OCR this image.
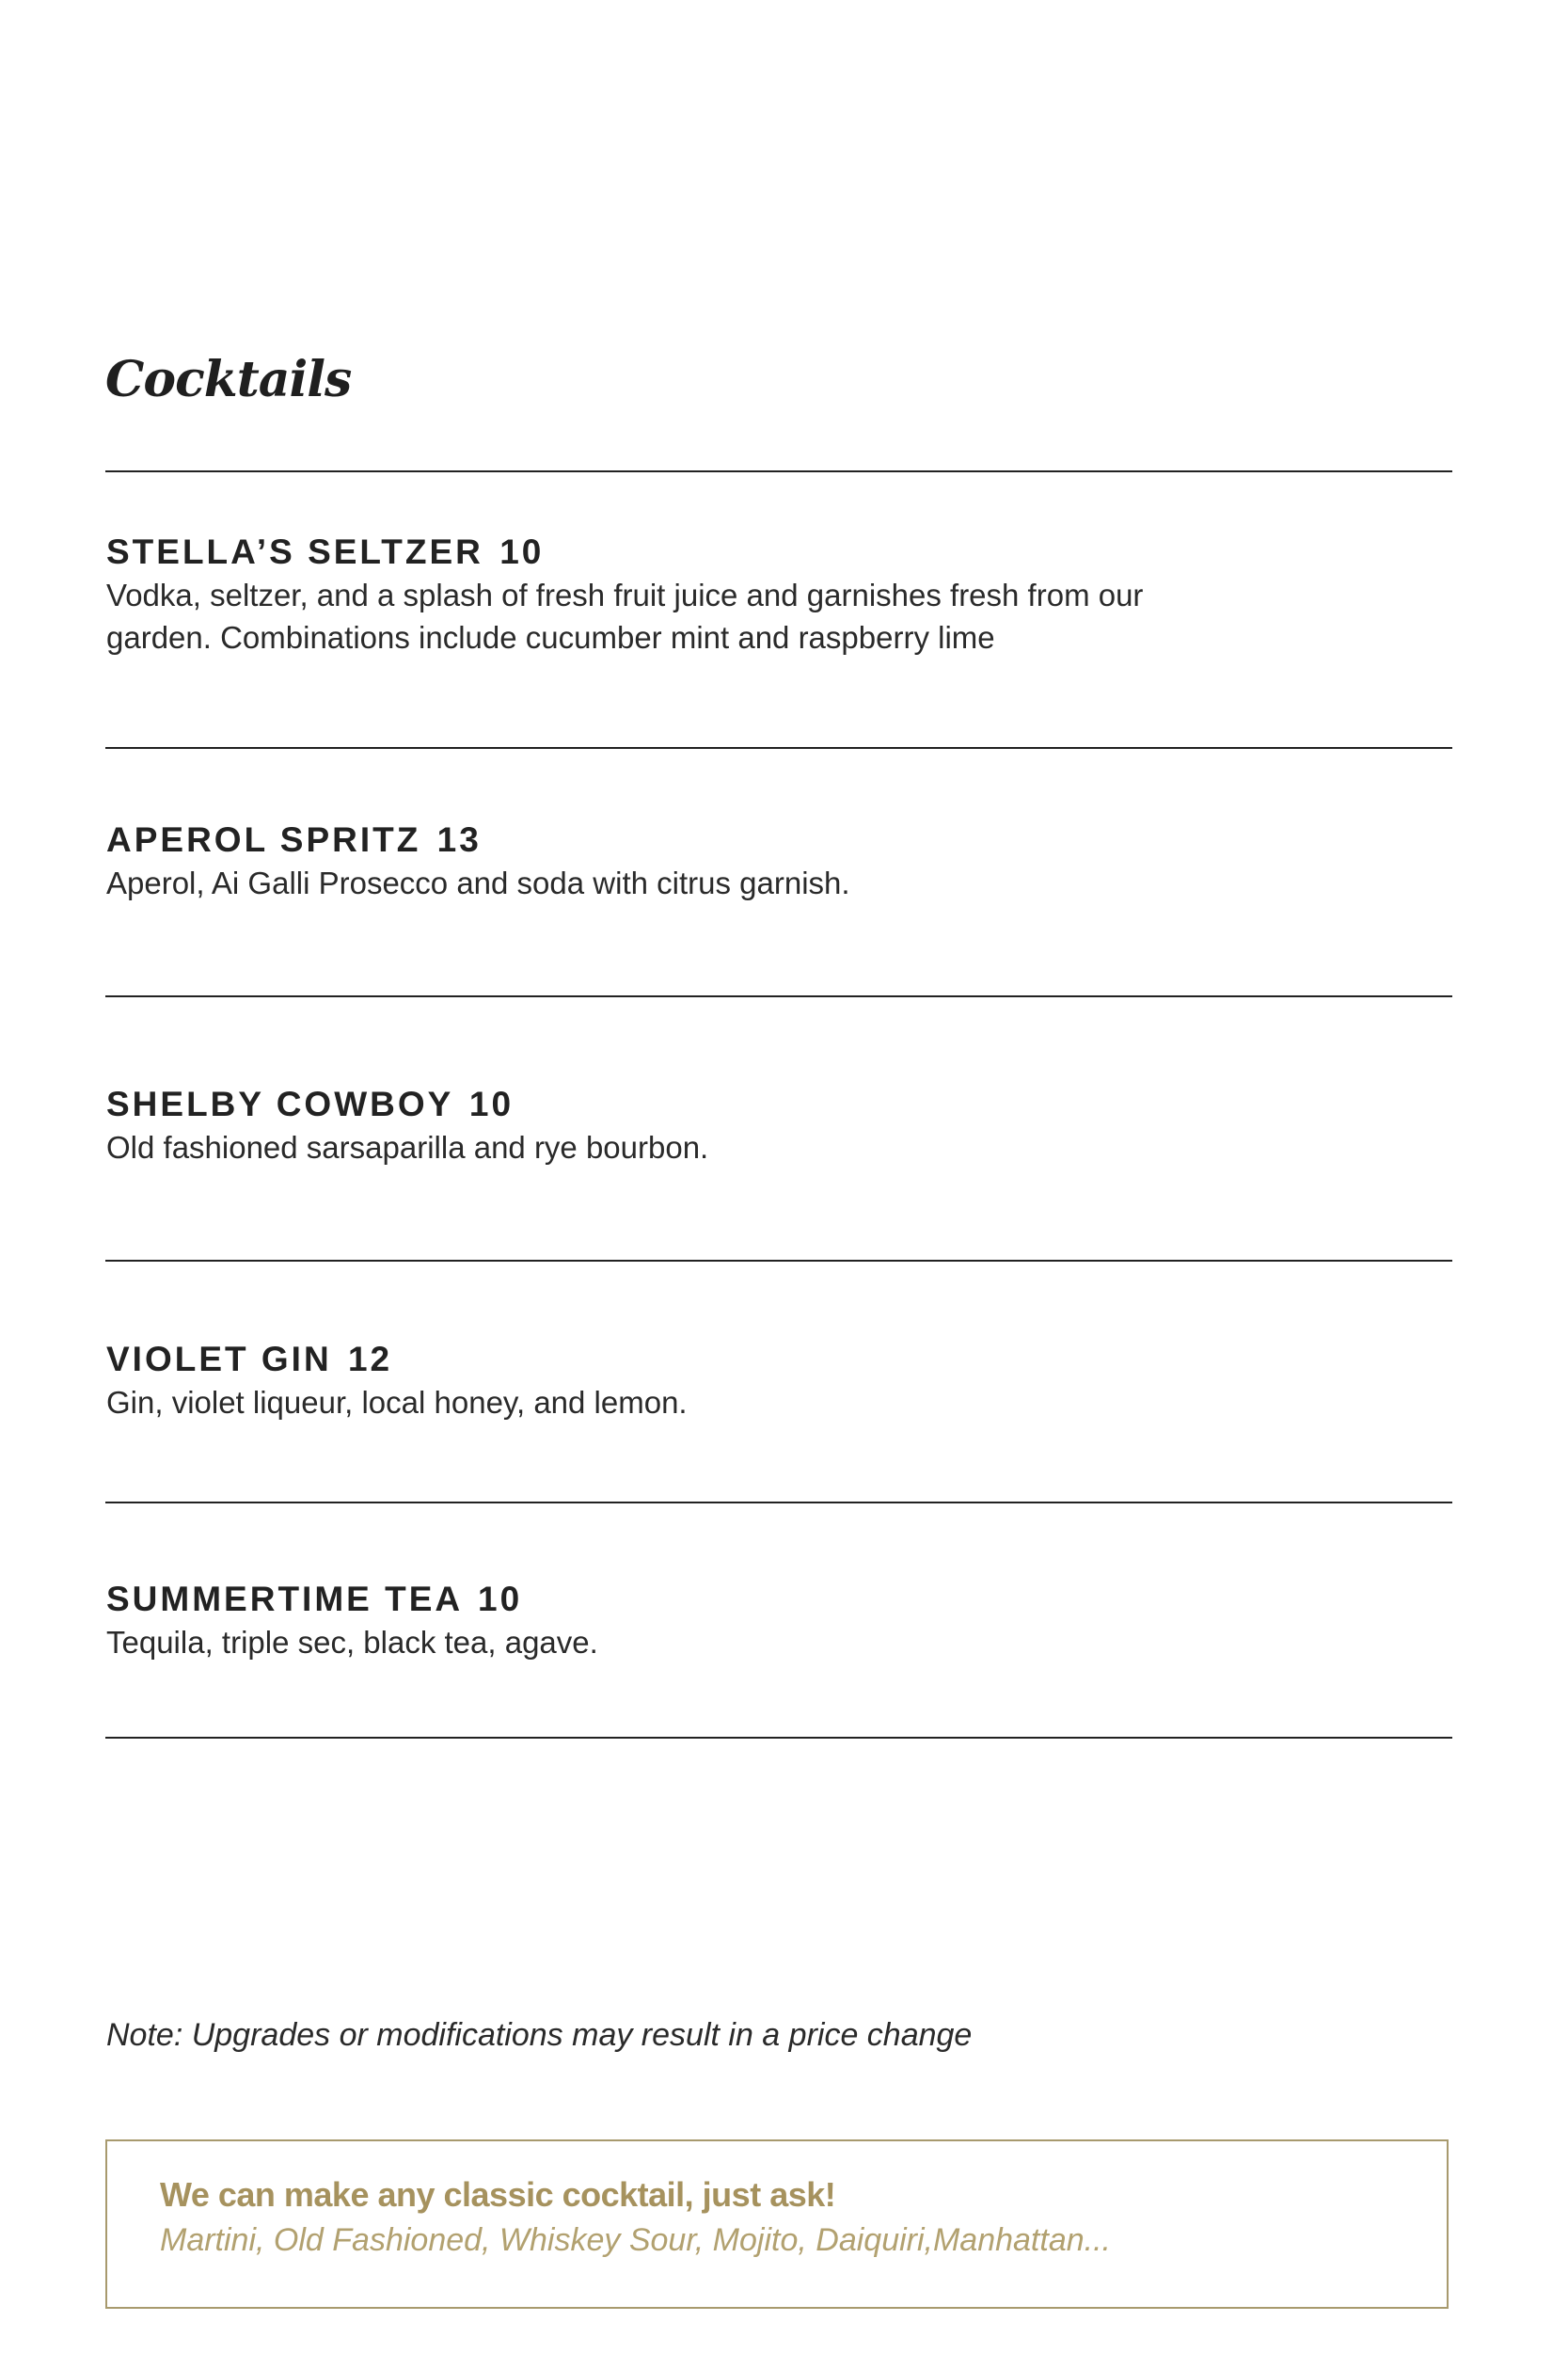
Cocktails
STELLA’S SELTZER 10
Vodka, seltzer, and a splash of fresh fruit juice and garnishes fresh from our
garden. Combinations include cucumber mint and raspberry lime
APEROL SPRITZ 13
Aperol, Ai Galli Prosecco and soda with citrus garnish.
SHELBY COWBOY 10
Old fashioned sarsaparilla and rye bourbon.
VIOLET GIN 12
Gin, violet liqueur, local honey, and lemon.
SUMMERTIME TEA 10
Tequila, triple sec, black tea, agave.
Note: Upgrades or modifications may result in a price change
We can make any classic cocktail, just ask!
Martini, Old Fashioned, Whiskey Sour, Mojito, Daiquiri,Manhattan...
